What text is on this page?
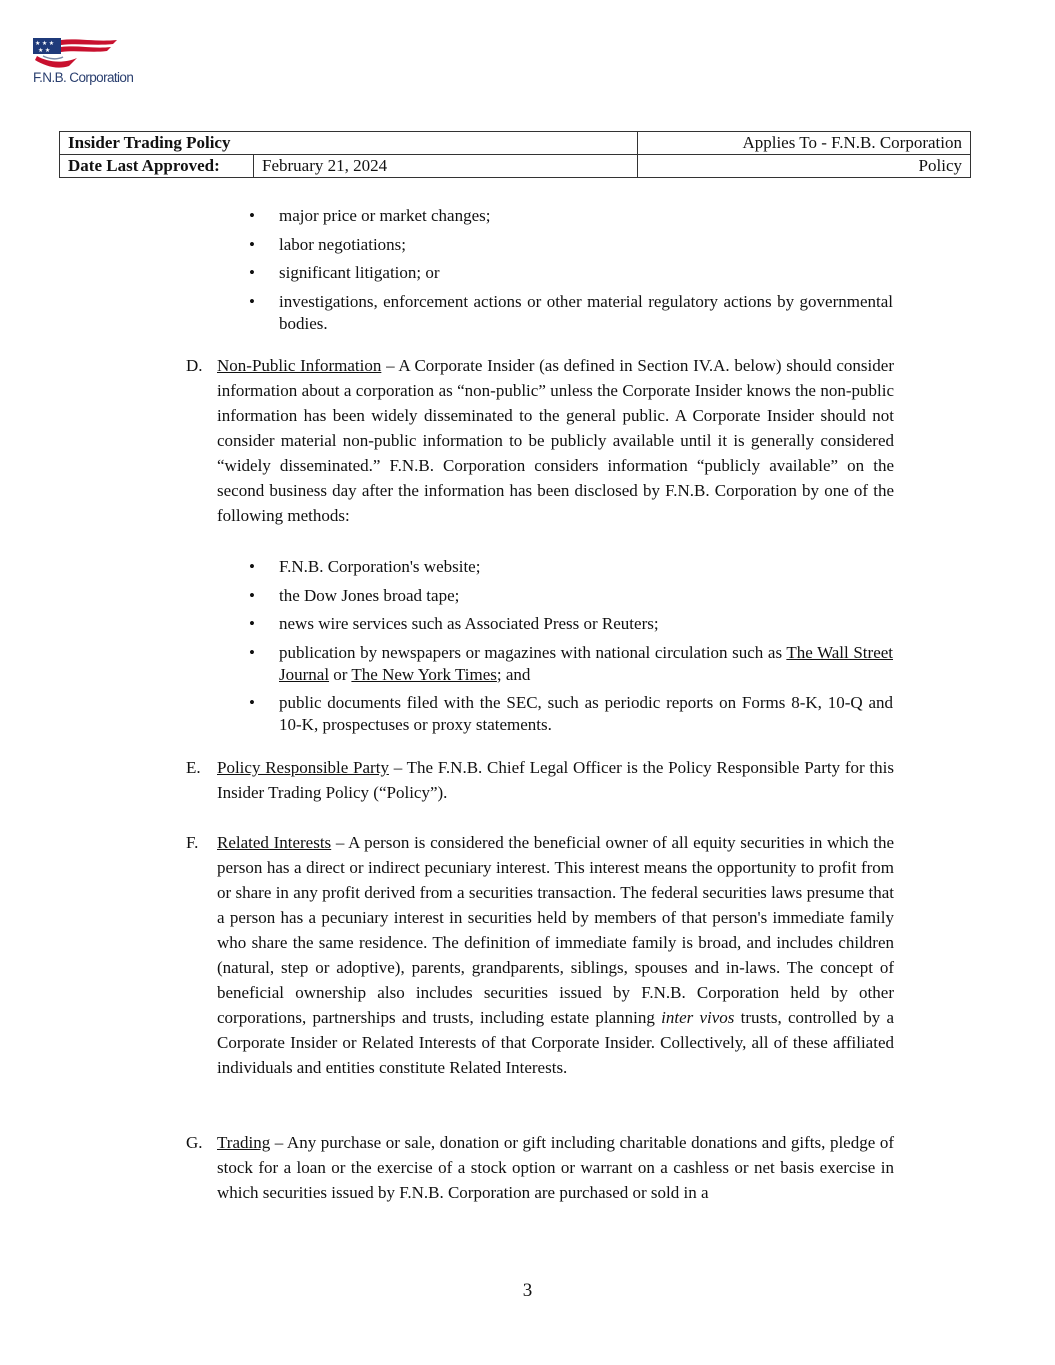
★ ★ ★
★ ★
F.N.B. Corporation
Insider Trading Policy		Applies To - F.N.B. Corporation
Date Last Approved:	February 21, 2024	Policy
• major price or market changes;
• labor negotiations;
• significant litigation; or
• investigations, enforcement actions or other material regulatory actions by governmental bodies.
D. Non-Public Information – A Corporate Insider (as defined in Section IV.A. below) should consider information about a corporation as “non-public” unless the Corporate Insider knows the non-public information has been widely disseminated to the general public. A Corporate Insider should not consider material non-public information to be publicly available until it is generally considered “widely disseminated.” F.N.B. Corporation considers information “publicly available” on the second business day after the information has been disclosed by F.N.B. Corporation by one of the following methods:
• F.N.B. Corporation's website;
• the Dow Jones broad tape;
• news wire services such as Associated Press or Reuters;
• publication by newspapers or magazines with national circulation such as The Wall Street Journal or The New York Times; and
• public documents filed with the SEC, such as periodic reports on Forms 8-K, 10-Q and 10-K, prospectuses or proxy statements.
E. Policy Responsible Party – The F.N.B. Chief Legal Officer is the Policy Responsible Party for this Insider Trading Policy (“Policy”).
F. Related Interests – A person is considered the beneficial owner of all equity securities in which the person has a direct or indirect pecuniary interest. This interest means the opportunity to profit from or share in any profit derived from a securities transaction. The federal securities laws presume that a person has a pecuniary interest in securities held by members of that person's immediate family who share the same residence. The definition of immediate family is broad, and includes children (natural, step or adoptive), parents, grandparents, siblings, spouses and in-laws. The concept of beneficial ownership also includes securities issued by F.N.B. Corporation held by other corporations, partnerships and trusts, including estate planning inter vivos trusts, controlled by a Corporate Insider or Related Interests of that Corporate Insider. Collectively, all of these affiliated individuals and entities constitute Related Interests.
G. Trading – Any purchase or sale, donation or gift including charitable donations and gifts, pledge of stock for a loan or the exercise of a stock option or warrant on a cashless or net basis exercise in which securities issued by F.N.B. Corporation are purchased or sold in a
3
